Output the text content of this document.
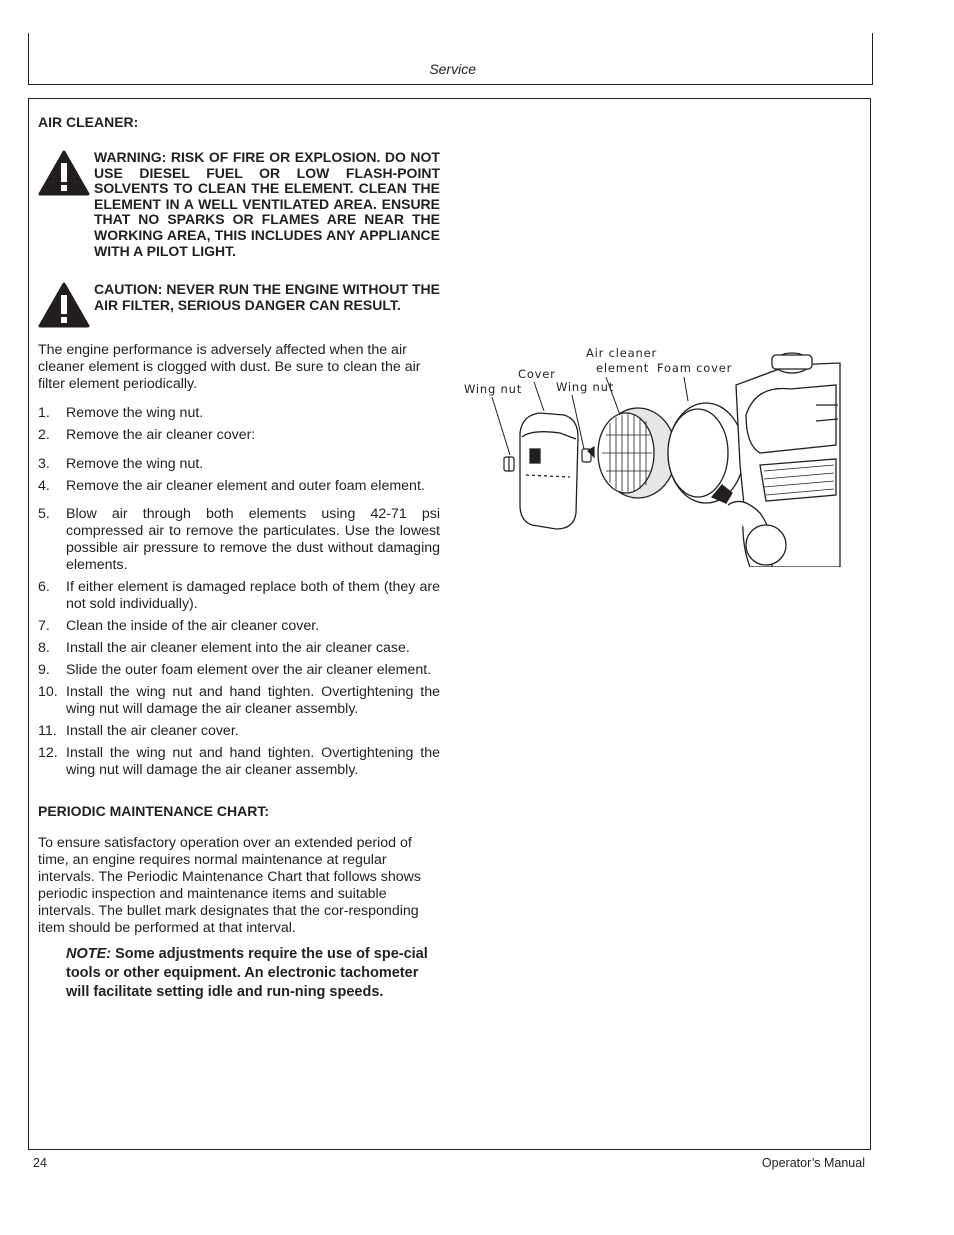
Service

AIR CLEANER:

WARNING: RISK OF FIRE OR EXPLOSION. DO NOT USE DIESEL FUEL OR LOW FLASH-POINT SOLVENTS TO CLEAN THE ELEMENT. CLEAN THE ELEMENT IN A WELL VENTILATED AREA. ENSURE THAT NO SPARKS OR FLAMES ARE NEAR THE WORKING AREA, THIS INCLUDES ANY APPLIANCE WITH A PILOT LIGHT.

CAUTION: NEVER RUN THE ENGINE WITHOUT THE AIR FILTER, SERIOUS DANGER CAN RESULT.

The engine performance is adversely affected when the air cleaner element is clogged with dust. Be sure to clean the air filter element periodically.

1.	Remove the wing nut.
2.	Remove the air cleaner cover:
3.	Remove the wing nut.
4.	Remove the air cleaner element and outer foam element.
5.	Blow air through both elements using 42-71 psi compressed air to remove the particulates. Use the lowest possible air pressure to remove the dust without damaging elements.
6.	If either element is damaged replace both of them (they are not sold individually).
7.	Clean the inside of the air cleaner cover.
8.	Install the air cleaner element into the air cleaner case.
9.	Slide the outer foam element over the air cleaner element.
10. Install the wing nut and hand tighten. Overtightening the wing nut will damage the air cleaner assembly.
11. Install the air cleaner cover.
12. Install the wing nut and hand tighten. Overtightening the wing nut will damage the air cleaner assembly.

PERIODIC MAINTENANCE CHART:

To ensure satisfactory operation over an extended period of time, an engine requires normal maintenance at regular intervals. The Periodic Maintenance Chart that follows shows periodic inspection and maintenance items and suitable intervals. The bullet mark designates that the cor-responding item should be performed at that interval.

NOTE: Some adjustments require the use of spe-cial tools or other equipment. An electronic tachometer will facilitate setting idle and run-ning speeds.
Air cleaner
element
Cover	Foam cover
Wing nut	Wing nut
24	Operator’s Manual
